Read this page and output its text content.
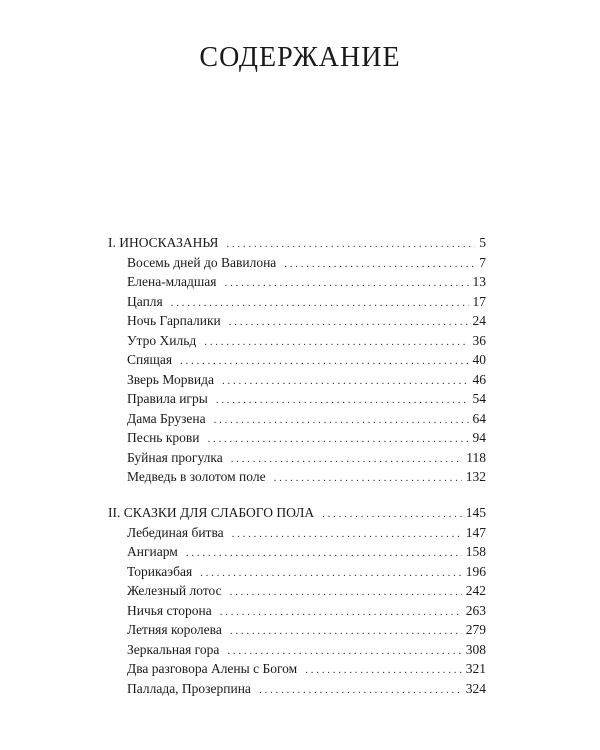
СОДЕРЖАНИЕ
I. ИНОСКАЗАНЬЯ . . .	5
Восемь дней до Вавилона . . .	7
Елена-младшая . . .	13
Цапля . . .	17
Ночь Гарпалики . . .	24
Утро Хильд . . .	36
Спящая . . .	40
Зверь Морвида . . .	46
Правила игры . . .	54
Дама Брузена . . .	64
Песнь крови . . .	94
Буйная прогулка . . .	118
Медведь в золотом поле . . .	132
II. СКАЗКИ ДЛЯ СЛАБОГО ПОЛА . . .	145
Лебединая битва . . .	147
Ангиарм . . .	158
Торикаэбая . . .	196
Железный лотос . . .	242
Ничья сторона . . .	263
Летняя королева . . .	279
Зеркальная гора . . .	308
Два разговора Алены с Богом . . .	321
Паллада, Прозерпина . . .	324
